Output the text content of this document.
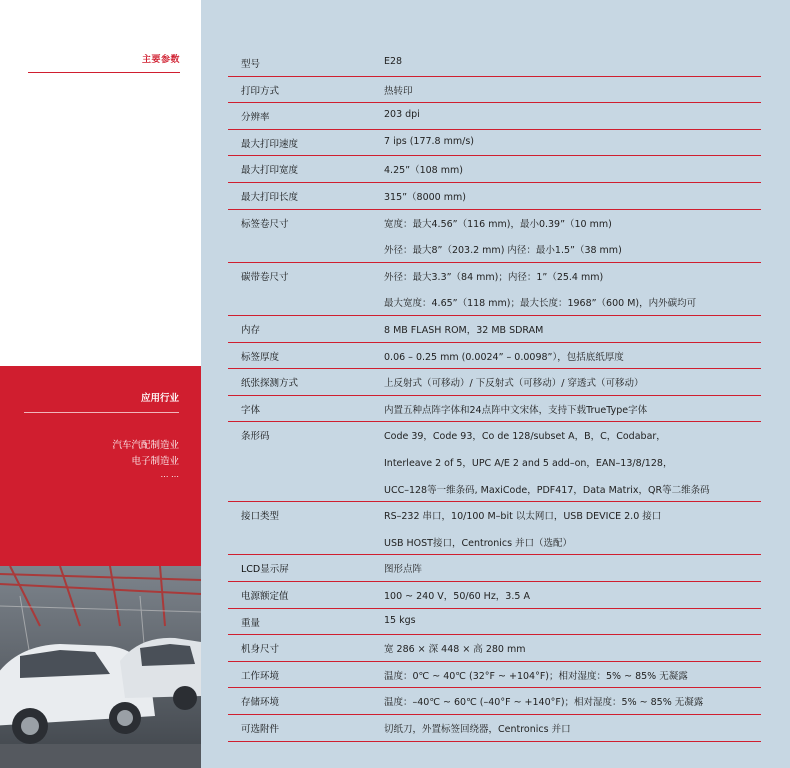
主要参数
应用行业
汽车汽配制造业
电子制造业
… …
型号	E28
打印方式	热转印
分辨率	203 dpi
最大打印速度	7 ips (177.8 mm/s)
最大打印宽度	4.25”（108 mm)
最大打印长度	315”（8000 mm)
标签卷尺寸	宽度：最大4.56”（116 mm)，最小0.39”（10 mm)
外径：最大8”（203.2 mm) 内径：最小1.5”（38 mm)
碳带卷尺寸	外径：最大3.3”（84 mm)；内径：1”（25.4 mm)
最大宽度：4.65”（118 mm)；最大长度：1968”（600 M)，内外碳均可
内存	8 MB FLASH ROM，32 MB SDRAM
标签厚度	0.06 – 0.25 mm (0.0024” – 0.0098”），包括底纸厚度
纸张探测方式	上反射式（可移动）/ 下反射式（可移动）/ 穿透式（可移动）
字体	内置五种点阵字体和24点阵中文宋体，支持下载TrueType字体
条形码	Code 39，Code 93，Co de 128/subset A，B，C，Codabar，
Interleave 2 of 5，UPC A/E 2 and 5 add–on，EAN–13/8/128，
UCC–128等一维条码, MaxiCode，PDF417，Data Matrix，QR等二维条码
接口类型	RS–232 串口，10/100 M–bit 以太网口，USB DEVICE 2.0 接口
USB HOST接口，Centronics 并口（选配）
LCD显示屏	图形点阵
电源额定值	100 ~ 240 V，50/60 Hz，3.5 A
重量	15 kgs
机身尺寸	宽 286 × 深 448 × 高 280 mm
工作环境	温度：0℃ ~ 40℃ (32°F ~ +104°F)；相对湿度：5% ~ 85% 无凝露
存储环境	温度：–40℃ ~ 60℃ (–40°F ~ +140°F)；相对湿度：5% ~ 85% 无凝露
可选附件	切纸刀，外置标签回绕器，Centronics 并口
